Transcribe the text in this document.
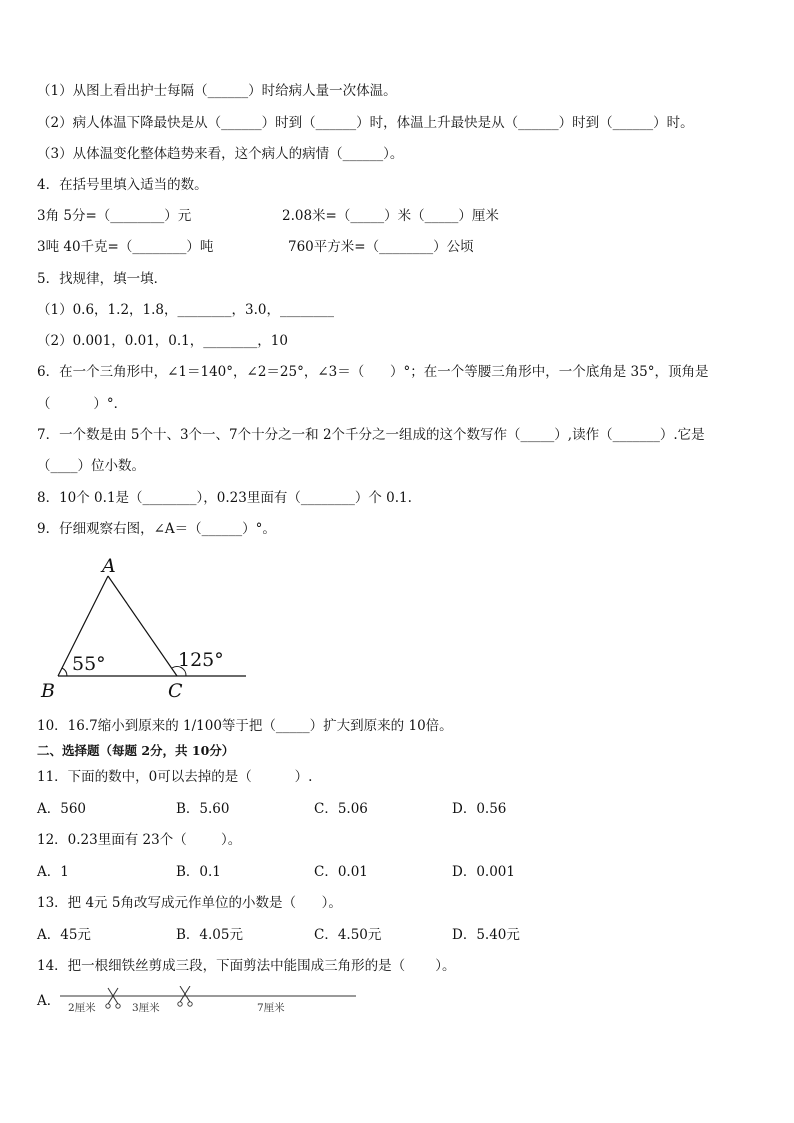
（1）从图上看出护士每隔（______）时给病人量一次体温。
（2）病人体温下降最快是从（______）时到（______）时，体温上升最快是从（______）时到（______）时。
（3）从体温变化整体趋势来看，这个病人的病情（______）。
4．在括号里填入适当的数。
3角 5分=（________）元	2.08米=（_____）米（_____）厘米
3吨 40千克=（________）吨	760平方米=（________）公顷
5．找规律，填一填．
（1）0.6，1.2，1.8，________，3.0，________
（2）0.001，0.01，0.1，________，10
6．在一个三角形中，∠1＝140°，∠2＝25°，∠3＝（      ）°；在一个等腰三角形中，一个底角是 35°，顶角是
（          ）°．
7．一个数是由 5个十、3个一、7个十分之一和 2个千分之一组成的这个数写作（_____）,读作（_______）.它是
（____）位小数。
8．10个 0.1是（________），0.23里面有（________）个 0.1.
9．仔细观察右图，∠A＝（______）°。
A
B	C
55°	125°
10．16.7缩小到原来的 1/100等于把（_____）扩大到原来的 10倍。
二、选择题（每题 2分，共 10分）
11．下面的数中，0可以去掉的是（          ）.
A．560	B．5.60	C．5.06	D．0.56
12．0.23里面有 23个（        ）。
A．1	B．0.1	C．0.01	D．0.001
13．把 4元 5角改写成元作单位的小数是（      ）。
A．45元	B．4.05元	C．4.50元	D．5.40元
14．把一根细铁丝剪成三段，下面剪法中能围成三角形的是（       ）。
A． 2厘米	3厘米	7厘米
